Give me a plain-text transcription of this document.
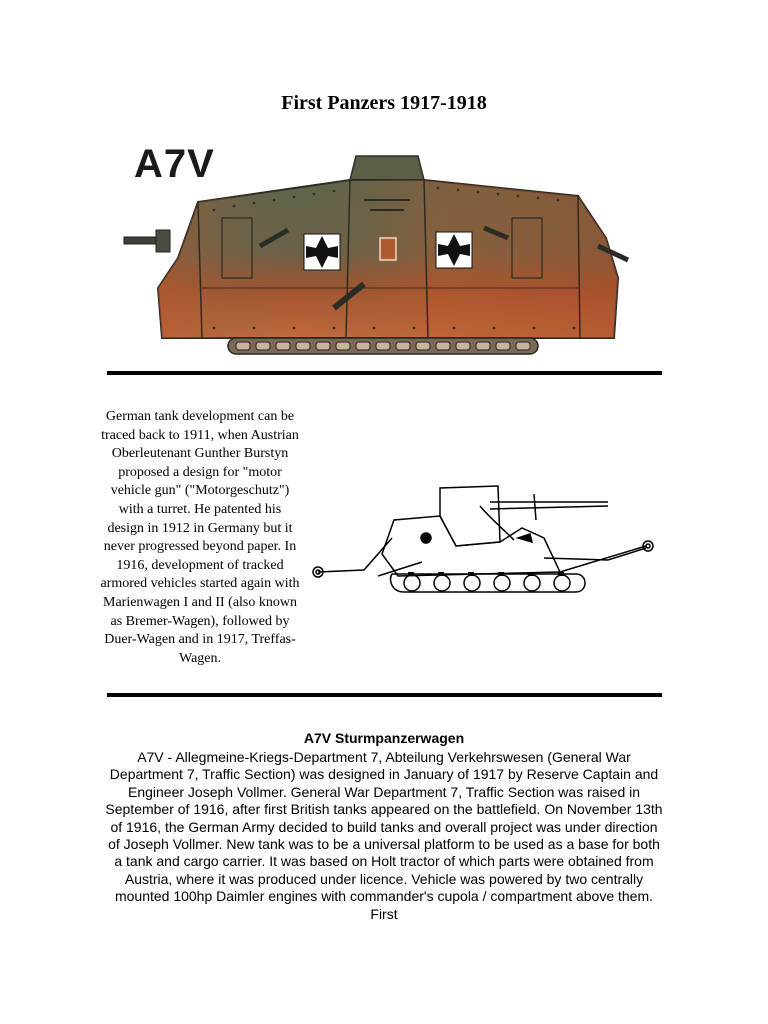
First Panzers 1917-1918
A7V
German tank development can be traced back to 1911, when Austrian Oberleutenant Gunther Burstyn proposed a design for "motor vehicle gun" ("Motorgeschutz") with a turret. He patented his design in 1912 in Germany but it never progressed beyond paper. In 1916, development of tracked armored vehicles started again with Marienwagen I and II (also known as Bremer-Wagen), followed by Duer-Wagen and in 1917, Treffas-Wagen.
A7V Sturmpanzerwagen
A7V - Allegmeine-Kriegs-Department 7, Abteilung Verkehrswesen (General War Department 7, Traffic Section) was designed in January of 1917 by Reserve Captain and Engineer Joseph Vollmer. General War Department 7, Traffic Section was raised in September of 1916, after first British tanks appeared on the battlefield. On November 13th of 1916, the German Army decided to build tanks and overall project was under direction of Joseph Vollmer. New tank was to be a universal platform to be used as a base for both a tank and cargo carrier. It was based on Holt tractor of which parts were obtained from Austria, where it was produced under licence. Vehicle was powered by two centrally mounted 100hp Daimler engines with commander's cupola / compartment above them. First
